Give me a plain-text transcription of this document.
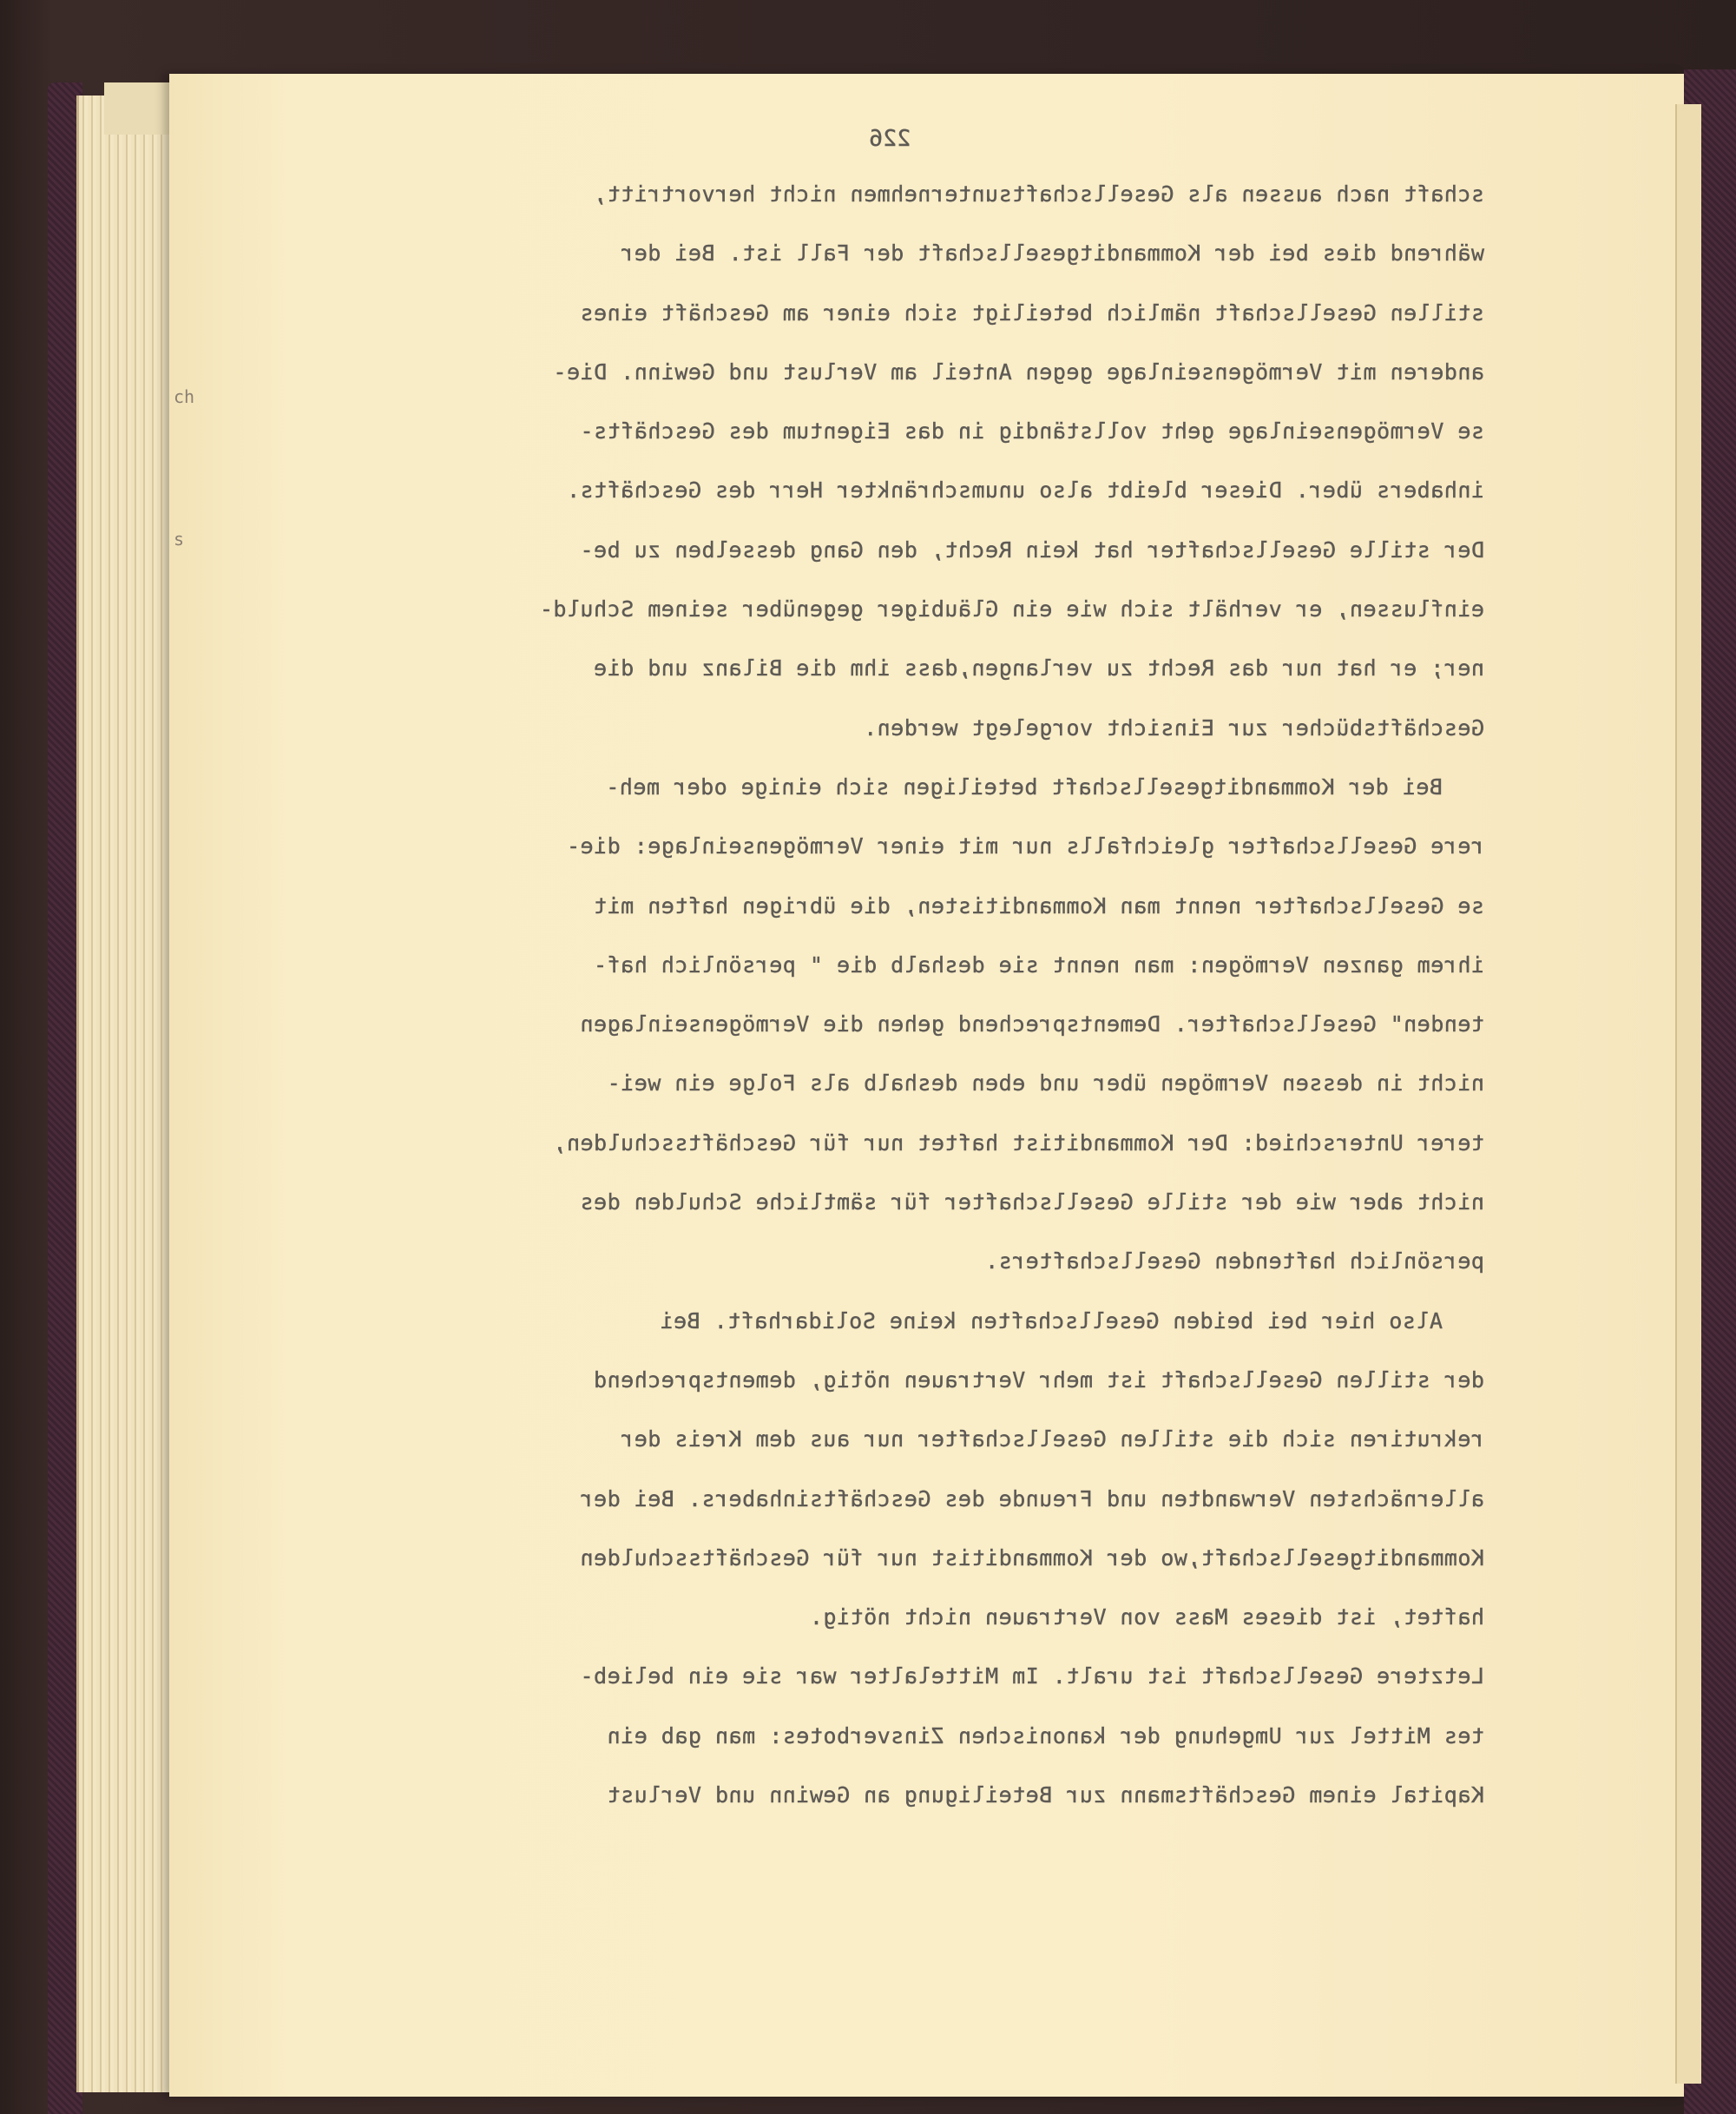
ch
s
226
schaft nach aussen als Gesellschaftsunternehmen nicht hervortritt,
während dies bei der Kommanditgesellschaft der Fall ist. Bei der
stillen Gesellschaft nämlich beteiligt sich einer am Geschäft eines
anderen mit Vermögenseinlage gegen Anteil am Verlust und Gewinn. Die-
se Vermögenseinlage geht vollständig in das Eigentum des Geschäfts-
inhabers über. Dieser bleibt also unumschränkter Herr des Geschäfts.
Der stille Gesellschafter hat kein Recht, den Gang desselben zu be-
einflussen, er verhält sich wie ein Gläubiger gegenüber seinem Schuld-
ner; er hat nur das Recht zu verlangen,dass ihm die Bilanz und die
Geschäftsbücher zur Einsicht vorgelegt werden.
Bei der Kommanditgesellschaft beteiligen sich einige oder meh-
rere Gesellschafter gleichfalls nur mit einer Vermögenseinlage: die-
se Gesellschafter nennt man Kommanditisten, die übrigen haften mit
ihrem ganzen Vermögen: man nennt sie deshalb die " persönlich haf-
tenden" Gesellschafter. Dementsprechend gehen die Vermögenseinlagen
nicht in dessen Vermögen über und eben deshalb als Folge ein wei-
terer Unterschied: Der Kommanditist haftet nur für Geschäftsschulden,
nicht aber wie der stille Gesellschafter für sämtliche Schulden des
persönlich haftenden Gesellschafters.
Also hier bei beiden Gesellschaften keine Solidarhaft. Bei
der stillen Gesellschaft ist mehr Vertrauen nötig, dementsprechend
rekrutiren sich die stillen Gesellschafter nur aus dem Kreis der
allernächsten Verwandten und Freunde des Geschäftsinhabers. Bei der
Kommanditgesellschaft,wo der Kommanditist nur für Geschäftsschulden
haftet, ist dieses Mass von Vertrauen nicht nötig.
Letztere Gesellschaft ist uralt. Im Mittelalter war sie ein belieb-
tes Mittel zur Umgehung der kanonischen Zinsverbotes: man gab ein
Kapital einem Geschäftsmann zur Beteiligung an Gewinn und Verlust
